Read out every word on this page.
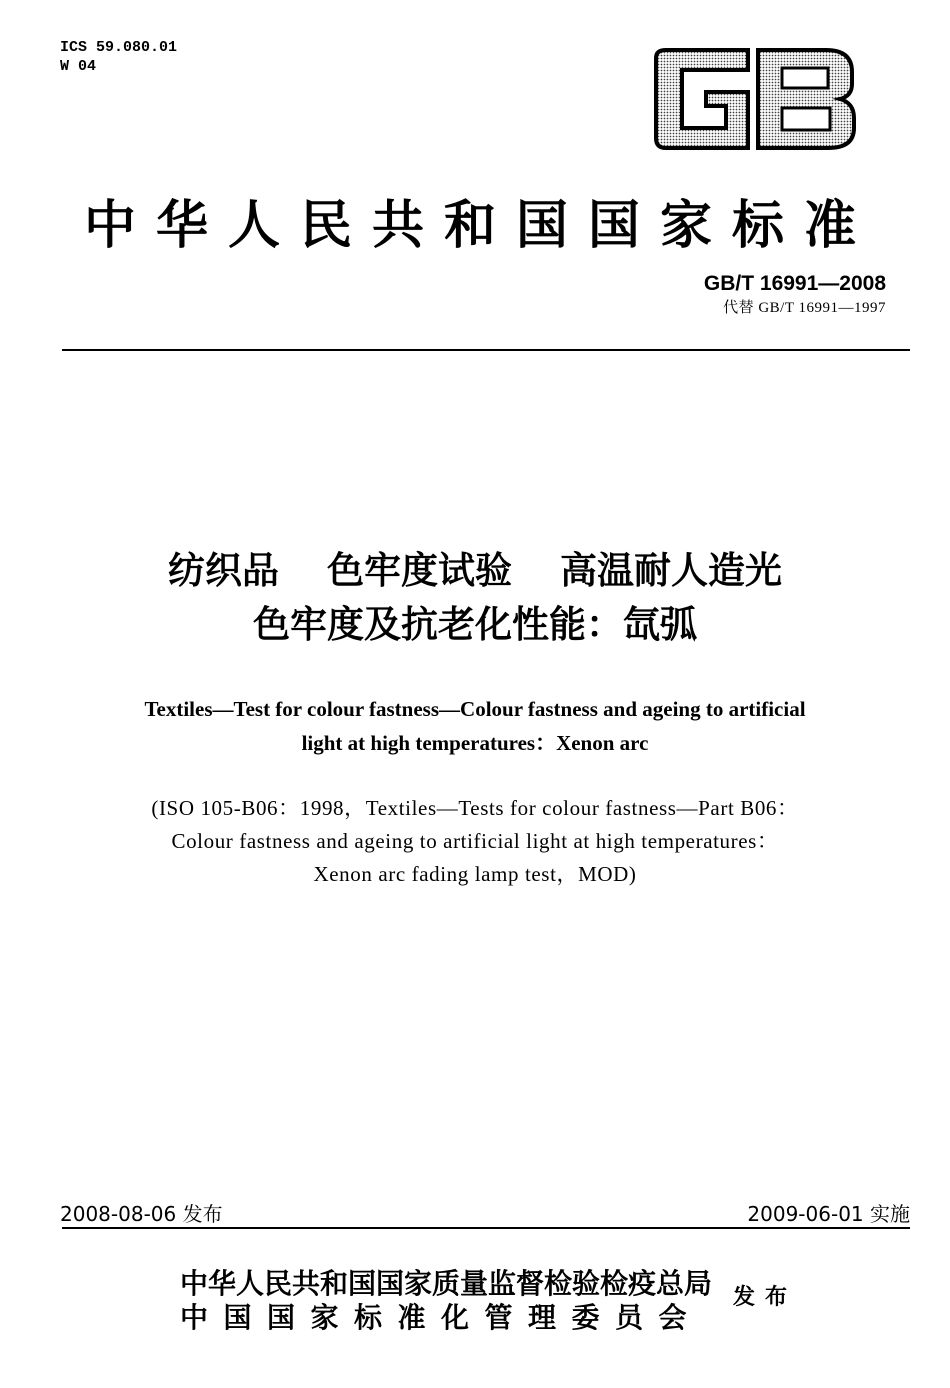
ICS 59.080.01
W 04
中华人民共和国国家标准
GB/T 16991—2008
代替 GB/T 16991—1997
纺织品 色牢度试验 高温耐人造光
色牢度及抗老化性能：氙弧
Textiles—Test for colour fastness—Colour fastness and ageing to artificial
light at high temperatures：Xenon arc
(ISO 105-B06：1998，Textiles—Tests for colour fastness—Part B06：
Colour fastness and ageing to artificial light at high temperatures：
Xenon arc fading lamp test，MOD)
2008-08-06 发布	2009-06-01 实施
中华人民共和国国家质量监督检验检疫总局
中国国家标准化管理委员会
发布
